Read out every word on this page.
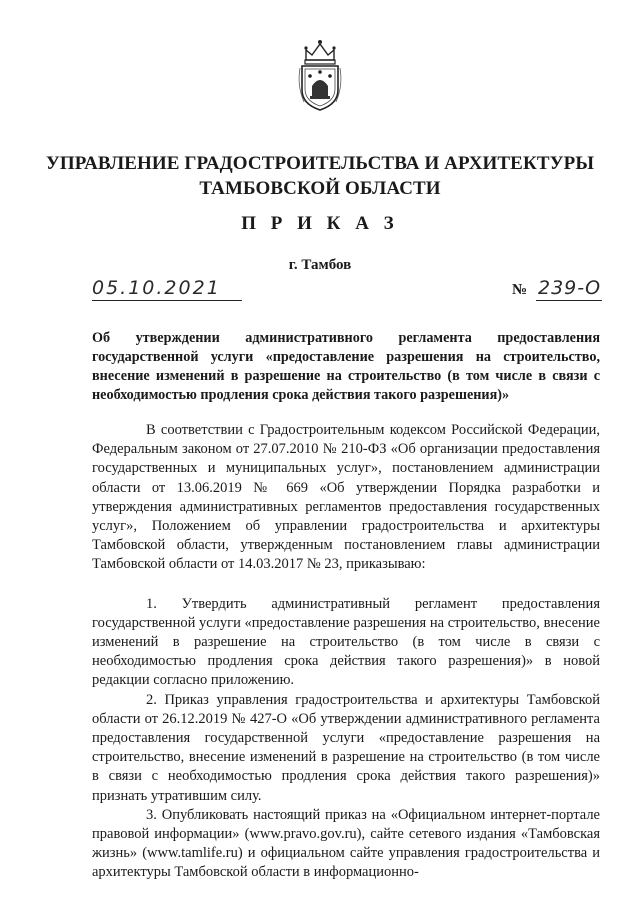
УПРАВЛЕНИЕ ГРАДОСТРОИТЕЛЬСТВА И АРХИТЕКТУРЫ ТАМБОВСКОЙ ОБЛАСТИ
П Р И К А З
г. Тамбов
05.10.2021	№ 239-О
Об утверждении административного регламента предоставления государственной услуги «предоставление разрешения на строительство, внесение изменений в разрешение на строительство (в том числе в связи с необходимостью продления срока действия такого разрешения)»

В соответствии с Градостроительным кодексом Российской Федерации, Федеральным законом от 27.07.2010 № 210-ФЗ «Об организации предоставления государственных и муниципальных услуг», постановлением администрации области от 13.06.2019 № 669 «Об утверждении Порядка разработки и утверждения административных регламентов предоставления государственных услуг», Положением об управлении градостроительства и архитектуры Тамбовской области, утвержденным постановлением главы администрации Тамбовской области от 14.03.2017 № 23, приказываю:

1. Утвердить административный регламент предоставления государственной услуги «предоставление разрешения на строительство, внесение изменений в разрешение на строительство (в том числе в связи с необходимостью продления срока действия такого разрешения)» в новой редакции согласно приложению.

2. Приказ управления градостроительства и архитектуры Тамбовской области от 26.12.2019 № 427-О «Об утверждении административного регламента предоставления государственной услуги «предоставление разрешения на строительство, внесение изменений в разрешение на строительство (в том числе в связи с необходимостью продления срока действия такого разрешения)» признать утратившим силу.

3. Опубликовать настоящий приказ на «Официальном интернет-портале правовой информации» (www.pravo.gov.ru), сайте сетевого издания «Тамбовская жизнь» (www.tamlife.ru) и официальном сайте управления градостроительства и архитектуры Тамбовской области в информационно-
